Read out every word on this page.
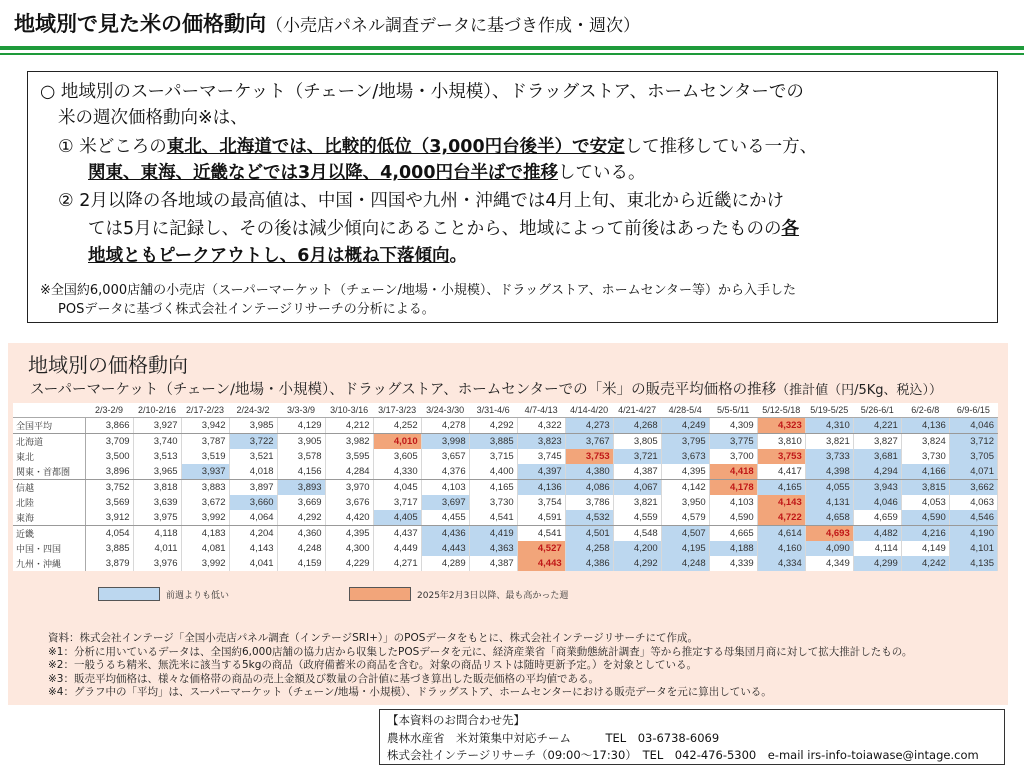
地域別で見た米の価格動向（小売店パネル調査データに基づき作成・週次）

○ 地域別のスーパーマーケット（チェーン/地場・小規模）、ドラッグストア、ホームセンターでの

米の週次価格動向※は、

① 米どころの東北、北海道では、比較的低位（3,000円台後半）で安定して推移している一方、

関東、東海、近畿などでは3月以降、4,000円台半ばで推移している。

② 2月以降の各地域の最高値は、中国・四国や九州・沖縄では4月上旬、東北から近畿にかけ

ては5月に記録し、その後は減少傾向にあることから、地域によって前後はあったものの各

地域ともピークアウトし、6月は概ね下落傾向。

※全国約6,000店舗の小売店（スーパーマーケット（チェーン/地場・小規模）、ドラッグストア、ホームセンター等）から入手した

POSデータに基づく株式会社インテージリサーチの分析による。

地域別の価格動向
スーパーマーケット（チェーン/地場・小規模）、ドラッグストア、ホームセンターでの「米」の販売平均価格の推移（推計値（円/5Kg、税込））
	2/3-2/9	2/10-2/16	2/17-2/23	2/24-3/2	3/3-3/9	3/10-3/16	3/17-3/23	3/24-3/30	3/31-4/6	4/7-4/13	4/14-4/20	4/21-4/27	4/28-5/4	5/5-5/11	5/12-5/18	5/19-5/25	5/26-6/1	6/2-6/8	6/9-6/15
全国平均	3,866	3,927	3,942	3,985	4,129	4,212	4,252	4,278	4,292	4,322	4,273	4,268	4,249	4,309	4,323	4,310	4,221	4,136	4,046
北海道	3,709	3,740	3,787	3,722	3,905	3,982	4,010	3,998	3,885	3,823	3,767	3,805	3,795	3,775	3,810	3,821	3,827	3,824	3,712
東北	3,500	3,513	3,519	3,521	3,578	3,595	3,605	3,657	3,715	3,745	3,753	3,721	3,673	3,700	3,753	3,733	3,681	3,730	3,705
関東・首都圏	3,896	3,965	3,937	4,018	4,156	4,284	4,330	4,376	4,400	4,397	4,380	4,387	4,395	4,418	4,417	4,398	4,294	4,166	4,071
信越	3,752	3,818	3,883	3,897	3,893	3,970	4,045	4,103	4,165	4,136	4,086	4,067	4,142	4,178	4,165	4,055	3,943	3,815	3,662
北陸	3,569	3,639	3,672	3,660	3,669	3,676	3,717	3,697	3,730	3,754	3,786	3,821	3,950	4,103	4,143	4,131	4,046	4,053	4,063
東海	3,912	3,975	3,992	4,064	4,292	4,420	4,405	4,455	4,541	4,591	4,532	4,559	4,579	4,590	4,722	4,658	4,659	4,590	4,546
近畿	4,054	4,118	4,183	4,204	4,360	4,395	4,437	4,436	4,419	4,541	4,501	4,548	4,507	4,665	4,614	4,693	4,482	4,216	4,190
中国・四国	3,885	4,011	4,081	4,143	4,248	4,300	4,449	4,443	4,363	4,527	4,258	4,200	4,195	4,188	4,160	4,090	4,114	4,149	4,101
九州・沖縄	3,879	3,976	3,992	4,041	4,159	4,229	4,271	4,289	4,387	4,443	4,386	4,292	4,248	4,339	4,334	4,349	4,299	4,242	4,135
前週よりも低い	2025年2月3日以降、最も高かった週
資料：株式会社インテージ「全国小売店パネル調査（インテージSRI+）」のPOSデータをもとに、株式会社インテージリサーチにて作成。
※1：分析に用いているデータは、全国約6,000店舗の協力店から収集したPOSデータを元に、経済産業省「商業動態統計調査」等から推定する母集団月商に対して拡大推計したもの。
※2：一般うるち精米、無洗米に該当する5kgの商品（政府備蓄米の商品を含む。対象の商品リストは随時更新予定。）を対象としている。
※3：販売平均価格は、様々な価格帯の商品の売上金額及び数量の合計値に基づき算出した販売価格の平均値である。
※4：グラフ中の「平均」は、スーパーマーケット（チェーン/地場・小規模）、ドラッグストア、ホームセンターにおける販売データを元に算出している。
【本資料のお問合わせ先】
農林水産省　米対策集中対応チーム　　　TEL　03-6738-6069
株式会社インテージリサーチ（09:00～17:30）　TEL　042-476-5300　e-mail irs-info-toiawase@intage.com
